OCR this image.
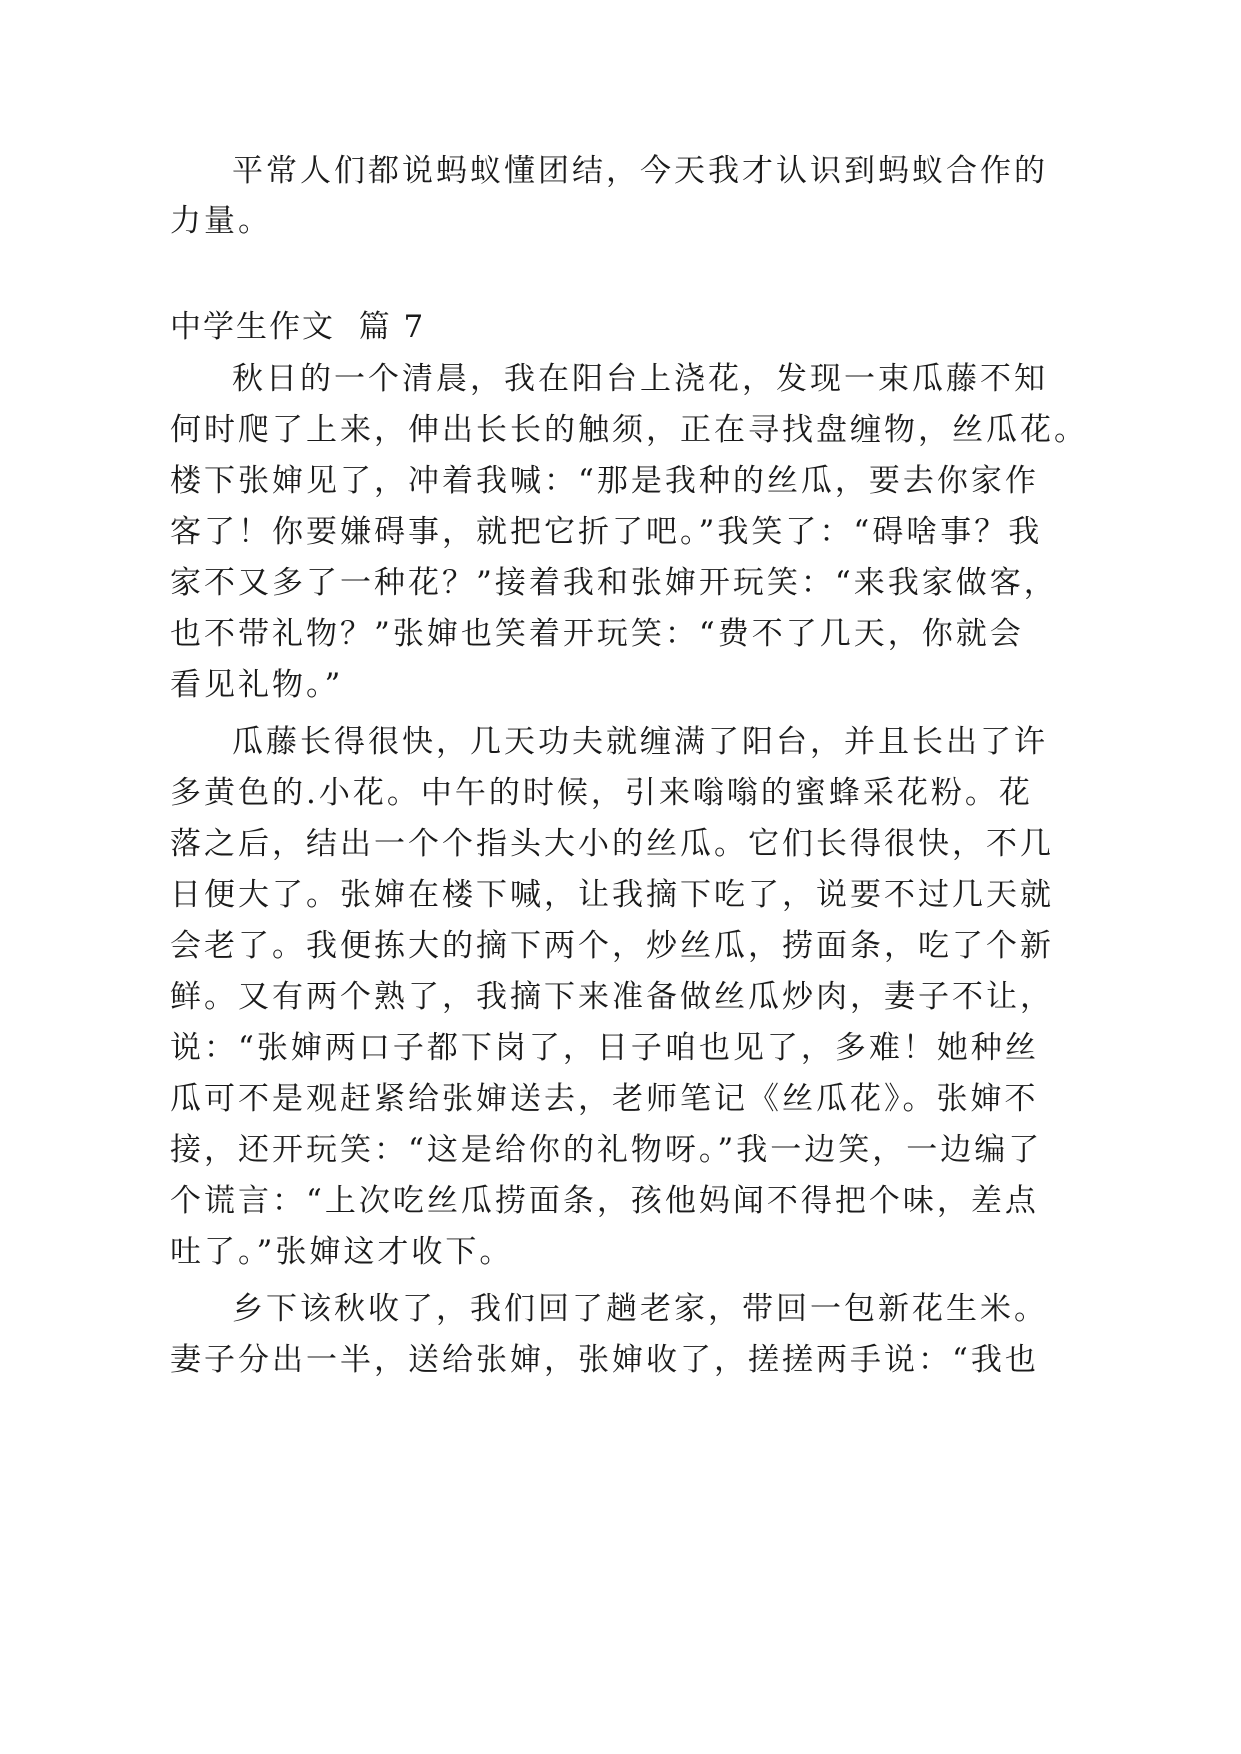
平常人们都说蚂蚁懂团结，今天我才认识到蚂蚁合作的
力量。
中学生作文  篇 7
秋日的一个清晨，我在阳台上浇花，发现一束瓜藤不知
何时爬了上来，伸出长长的触须，正在寻找盘缠物，丝瓜花。
楼下张婶见了，冲着我喊：“那是我种的丝瓜，要去你家作
客了！你要嫌碍事，就把它折了吧。”我笑了：“碍啥事？我
家不又多了一种花？”接着我和张婶开玩笑：“来我家做客，
也不带礼物？”张婶也笑着开玩笑：“费不了几天，你就会
看见礼物。”
瓜藤长得很快，几天功夫就缠满了阳台，并且长出了许
多黄色的.小花。中午的时候，引来嗡嗡的蜜蜂采花粉。花
落之后，结出一个个指头大小的丝瓜。它们长得很快，不几
日便大了。张婶在楼下喊，让我摘下吃了，说要不过几天就
会老了。我便拣大的摘下两个，炒丝瓜，捞面条，吃了个新
鲜。又有两个熟了，我摘下来准备做丝瓜炒肉，妻子不让，
说：“张婶两口子都下岗了，日子咱也见了，多难！她种丝
瓜可不是观赶紧给张婶送去，老师笔记《丝瓜花》。张婶不
接，还开玩笑：“这是给你的礼物呀。”我一边笑，一边编了
个谎言：“上次吃丝瓜捞面条，孩他妈闻不得把个味，差点
吐了。”张婶这才收下。
乡下该秋收了，我们回了趟老家，带回一包新花生米。
妻子分出一半，送给张婶，张婶收了，搓搓两手说：“我也
